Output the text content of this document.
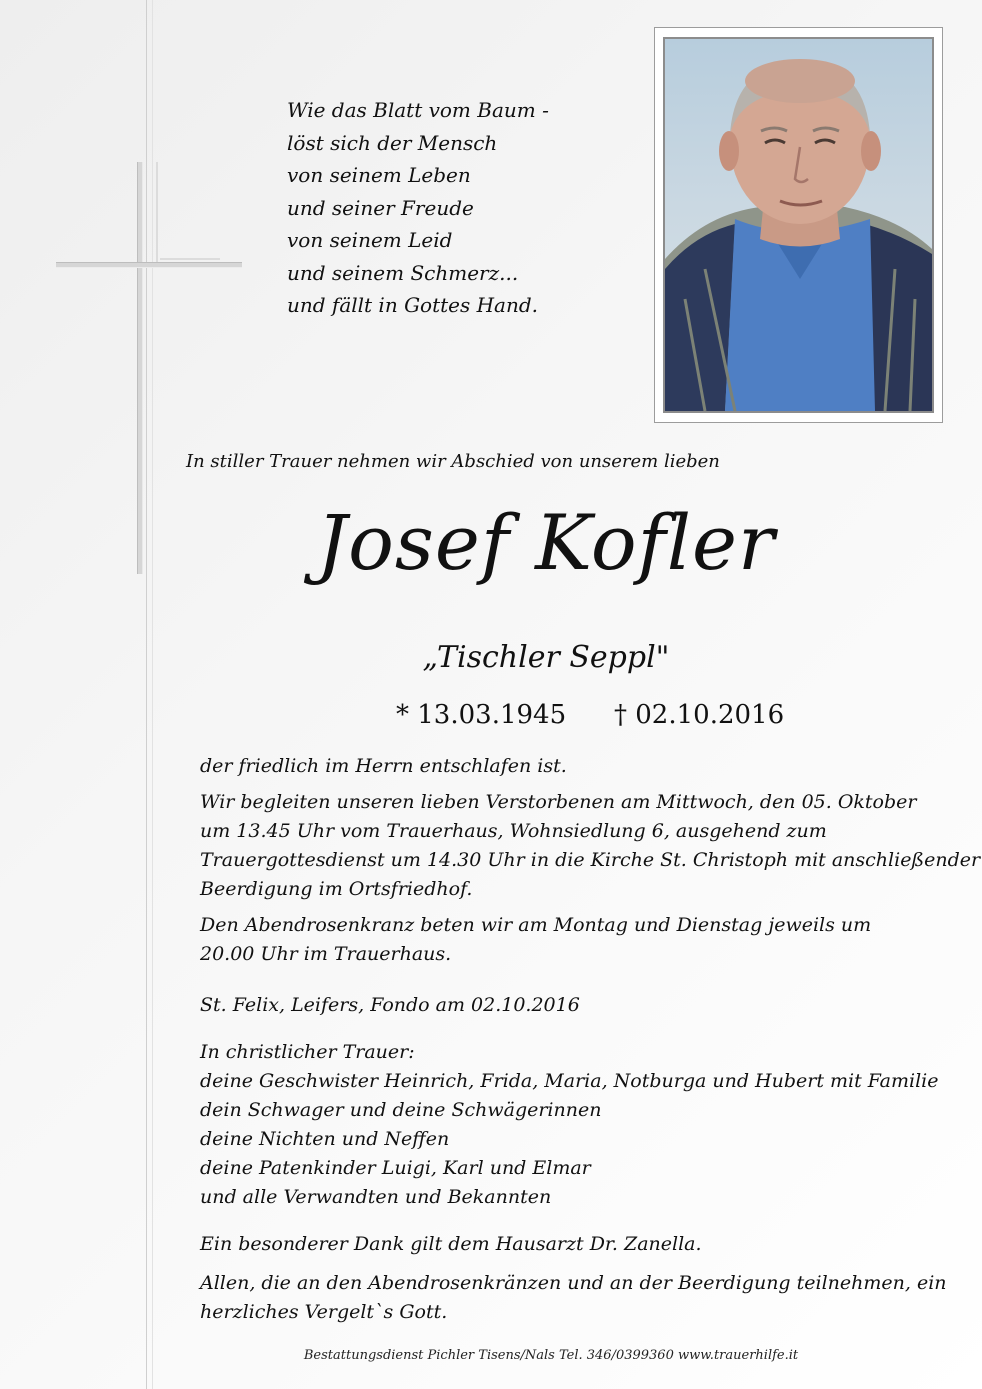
Wie das Blatt vom Baum -
löst sich der Mensch
von seinem Leben
und seiner Freude
von seinem Leid
und seinem Schmerz...
und fällt in Gottes Hand.
In stiller Trauer nehmen wir Abschied von unserem lieben
Josef Kofler
„Tischler Seppl"
* 13.03.1945 † 02.10.2016
der friedlich im Herrn entschlafen ist.
Wir begleiten unseren lieben Verstorbenen am Mittwoch, den 05. Oktober
um 13.45 Uhr vom Trauerhaus, Wohnsiedlung 6, ausgehend zum
Trauergottesdienst um 14.30 Uhr in die Kirche St. Christoph mit anschließender
Beerdigung im Ortsfriedhof.
Den Abendrosenkranz beten wir am Montag und Dienstag jeweils um
20.00 Uhr im Trauerhaus.
St. Felix, Leifers, Fondo am 02.10.2016
In christlicher Trauer:
deine Geschwister Heinrich, Frida, Maria, Notburga und Hubert mit Familie
dein Schwager und deine Schwägerinnen
deine Nichten und Neffen
deine Patenkinder Luigi, Karl und Elmar
und alle Verwandten und Bekannten
Ein besonderer Dank gilt dem Hausarzt Dr. Zanella.
Allen, die an den Abendrosenkränzen und an der Beerdigung teilnehmen, ein
herzliches Vergelt`s Gott.
Bestattungsdienst Pichler Tisens/Nals Tel. 346/0399360 www.trauerhilfe.it
